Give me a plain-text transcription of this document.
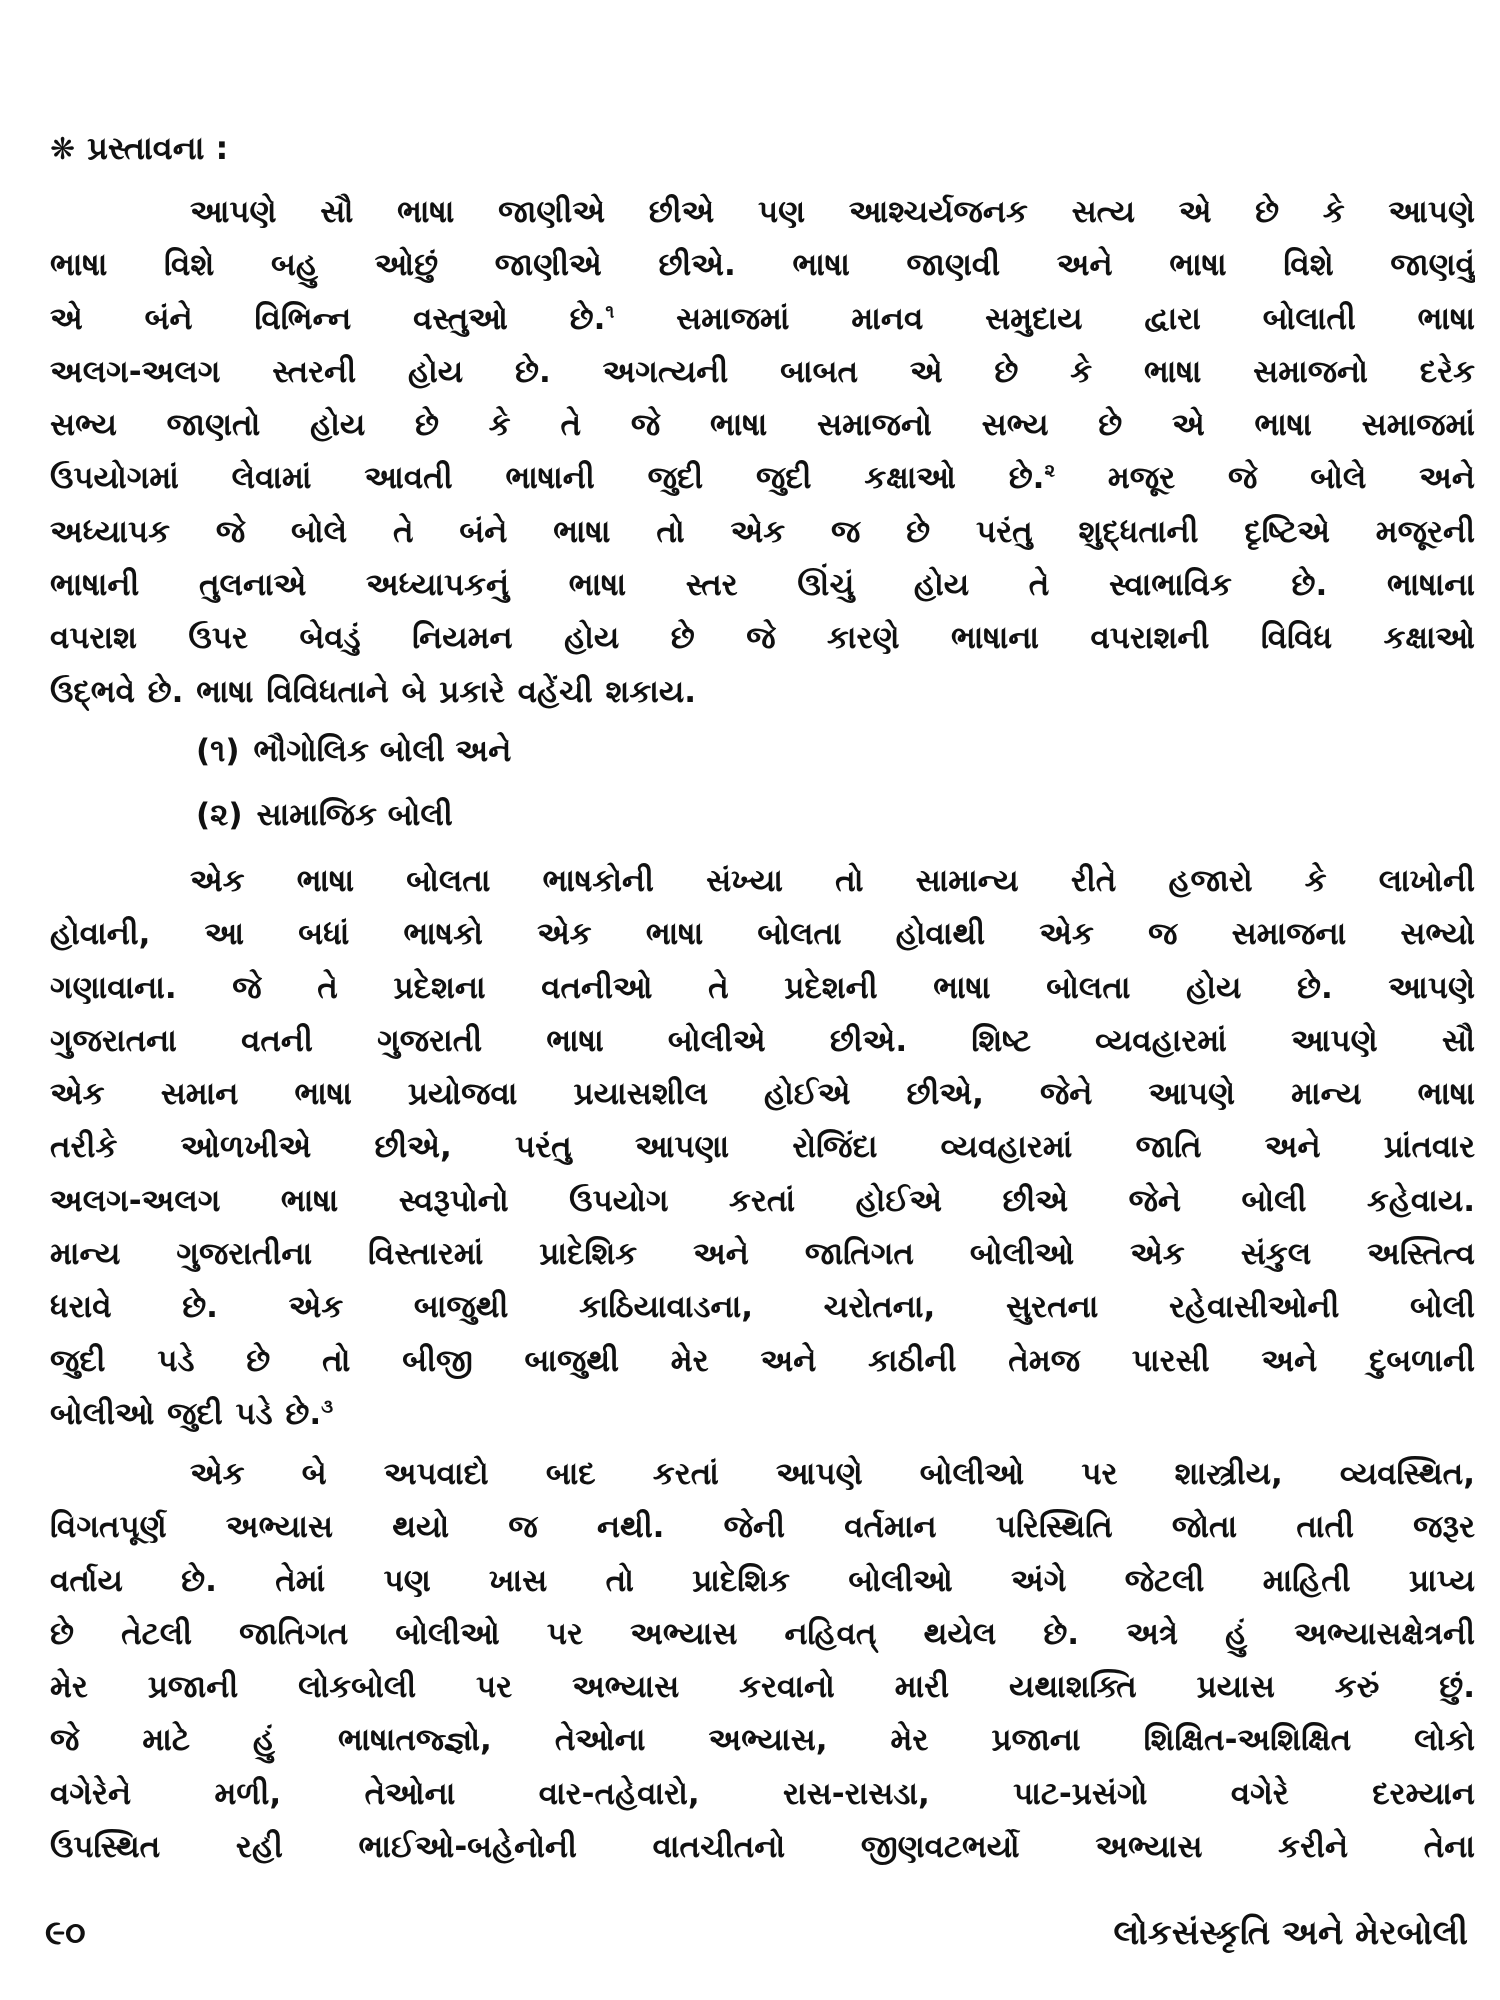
❋ પ્રસ્તાવના :
આપણે સૌ ભાષા જાણીએ છીએ પણ આશ્ચર્યજનક સત્ય એ છે કે આપણે
ભાષા વિશે બહુ ઓછું જાણીએ છીએ. ભાષા જાણવી અને ભાષા વિશે જાણવું
એ બંને વિભિન્ન વસ્તુઓ છે.$^૧$ સમાજમાં માનવ સમુદાય દ્વારા બોલાતી ભાષા
અલગ-અલગ સ્તરની હોય છે. અગત્યની બાબત એ છે કે ભાષા સમાજનો દરેક
સભ્ય જાણતો હોય છે કે તે જે ભાષા સમાજનો સભ્ય છે એ ભાષા સમાજમાં
ઉપયોગમાં લેવામાં આવતી ભાષાની જુદી જુદી કક્ષાઓ છે.$^૨$ મજૂર જે બોલે અને
અધ્યાપક જે બોલે તે બંને ભાષા તો એક જ છે પરંતુ શુદ્ધતાની દૃષ્ટિએ મજૂરની
ભાષાની તુલનાએ અધ્યાપકનું ભાષા સ્તર ઊંચું હોય તે સ્વાભાવિક છે. ભાષાના
વપરાશ ઉપર બેવડું નિયમન હોય છે જે કારણે ભાષાના વપરાશની વિવિધ કક્ષાઓ
ઉદ્ભવે છે. ભાષા વિવિધતાને બે પ્રકારે વહેંચી શકાય.
(૧) ભૌગોલિક બોલી અને
(૨) સામાજિક બોલી
એક ભાષા બોલતા ભાષકોની સંખ્યા તો સામાન્ય રીતે હજારો કે લાખોની
હોવાની, આ બધાં ભાષકો એક ભાષા બોલતા હોવાથી એક જ સમાજના સભ્યો
ગણાવાના. જે તે પ્રદેશના વતનીઓ તે પ્રદેશની ભાષા બોલતા હોય છે. આપણે
ગુજરાતના વતની ગુજરાતી ભાષા બોલીએ છીએ. શિષ્ટ વ્યવહારમાં આપણે સૌ
એક સમાન ભાષા પ્રયોજવા પ્રયાસશીલ હોઈએ છીએ, જેને આપણે માન્ય ભાષા
તરીકે ઓળખીએ છીએ, પરંતુ આપણા રોજિંદા વ્યવહારમાં જાતિ અને પ્રાંતવાર
અલગ-અલગ ભાષા સ્વરૂપોનો ઉપયોગ કરતાં હોઈએ છીએ જેને બોલી કહેવાય.
માન્ય ગુજરાતીના વિસ્તારમાં પ્રાદેશિક અને જાતિગત બોલીઓ એક સંકુલ અસ્તિત્વ
ધરાવે છે. એક બાજુથી કાઠિયાવાડના, ચરોતના, સુરતના રહેવાસીઓની બોલી
જુદી પડે છે તો બીજી બાજુથી મેર અને કાઠીની તેમજ પારસી અને દુબળાની
બોલીઓ જુદી પડે છે.$^૩$
એક બે અપવાદો બાદ કરતાં આપણે બોલીઓ પર શાસ્ત્રીય, વ્યવસ્થિત,
વિગતપૂર્ણ અભ્યાસ થયો જ નથી. જેની વર્તમાન પરિસ્થિતિ જોતા તાતી જરૂર
વર્તાય છે. તેમાં પણ ખાસ તો પ્રાદેશિક બોલીઓ અંગે જેટલી માહિતી પ્રાપ્ય
છે તેટલી જાતિગત બોલીઓ પર અભ્યાસ નહિવત્ થયેલ છે. અત્રે હું અભ્યાસક્ષેત્રની
મેર પ્રજાની લોકબોલી પર અભ્યાસ કરવાનો મારી યથાશક્તિ પ્રયાસ કરું છું.
જે માટે હું ભાષાતજ્જ્ઞો, તેઓના અભ્યાસ, મેર પ્રજાના શિક્ષિત-અશિક્ષિત લોકો
વગેરેને મળી, તેઓના વાર-તહેવારો, રાસ-રાસડા, પાટ-પ્રસંગો વગેરે દરમ્યાન
ઉપસ્થિત રહી ભાઈઓ-બહેનોની વાતચીતનો જીણવટભર્યો અભ્યાસ કરીને તેના
૯૦	લોકસંસ્કૃતિ અને મેરબોલી
